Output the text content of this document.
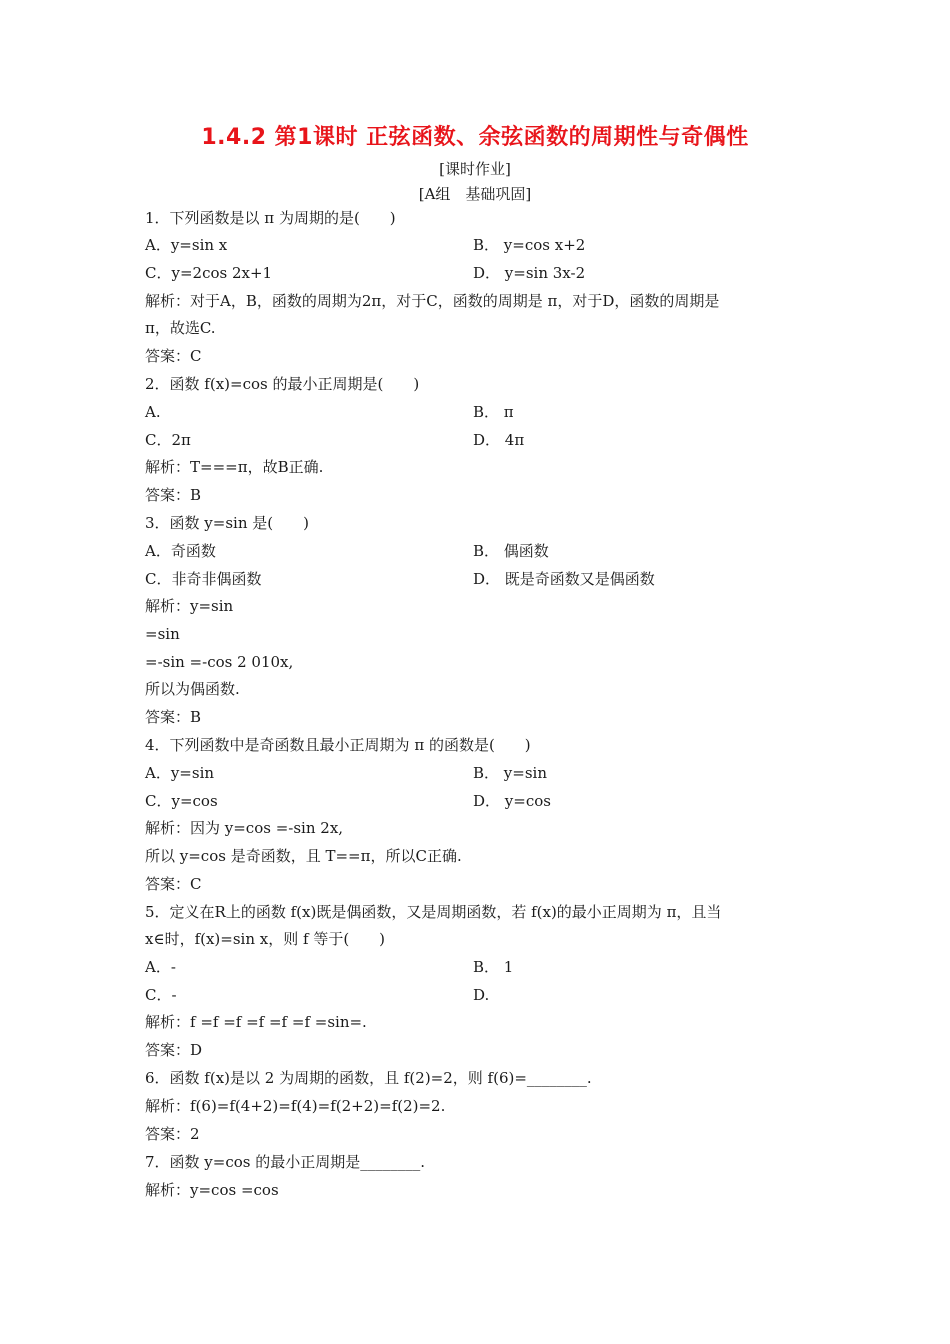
1.4.2 第1课时 正弦函数、余弦函数的周期性与奇偶性
[课时作业]
[A组　基础巩固]
1．下列函数是以 π 为周期的是(　　)
A．y=sin x	B． y=cos x+2
C．y=2cos 2x+1	D． y=sin 3x-2
解析：对于A，B，函数的周期为2π，对于C，函数的周期是 π，对于D，函数的周期是
π，故选C.
答案：C
2．函数 f(x)=cos 的最小正周期是(　　)
A.	B． π
C．2π	D． 4π
解析：T===π，故B正确.
答案：B
3．函数 y=sin 是(　　)
A．奇函数	B． 偶函数
C．非奇非偶函数	D． 既是奇函数又是偶函数
解析：y=sin
=sin
=-sin =-cos 2 010x,
所以为偶函数.
答案：B
4．下列函数中是奇函数且最小正周期为 π 的函数是(　　)
A．y=sin	B． y=sin
C．y=cos	D． y=cos
解析：因为 y=cos =-sin 2x,
所以 y=cos 是奇函数，且 T==π，所以C正确.
答案：C
5．定义在R上的函数 f(x)既是偶函数，又是周期函数，若 f(x)的最小正周期为 π，且当
x∈时，f(x)=sin x，则 f 等于(　　)
A．-	B． 1
C．-	D.
解析：f =f =f =f =f =f =sin=.
答案：D
6．函数 f(x)是以 2 为周期的函数，且 f(2)=2，则 f(6)=________.
解析：f(6)=f(4+2)=f(4)=f(2+2)=f(2)=2.
答案：2
7．函数 y=cos 的最小正周期是________.
解析：y=cos =cos
